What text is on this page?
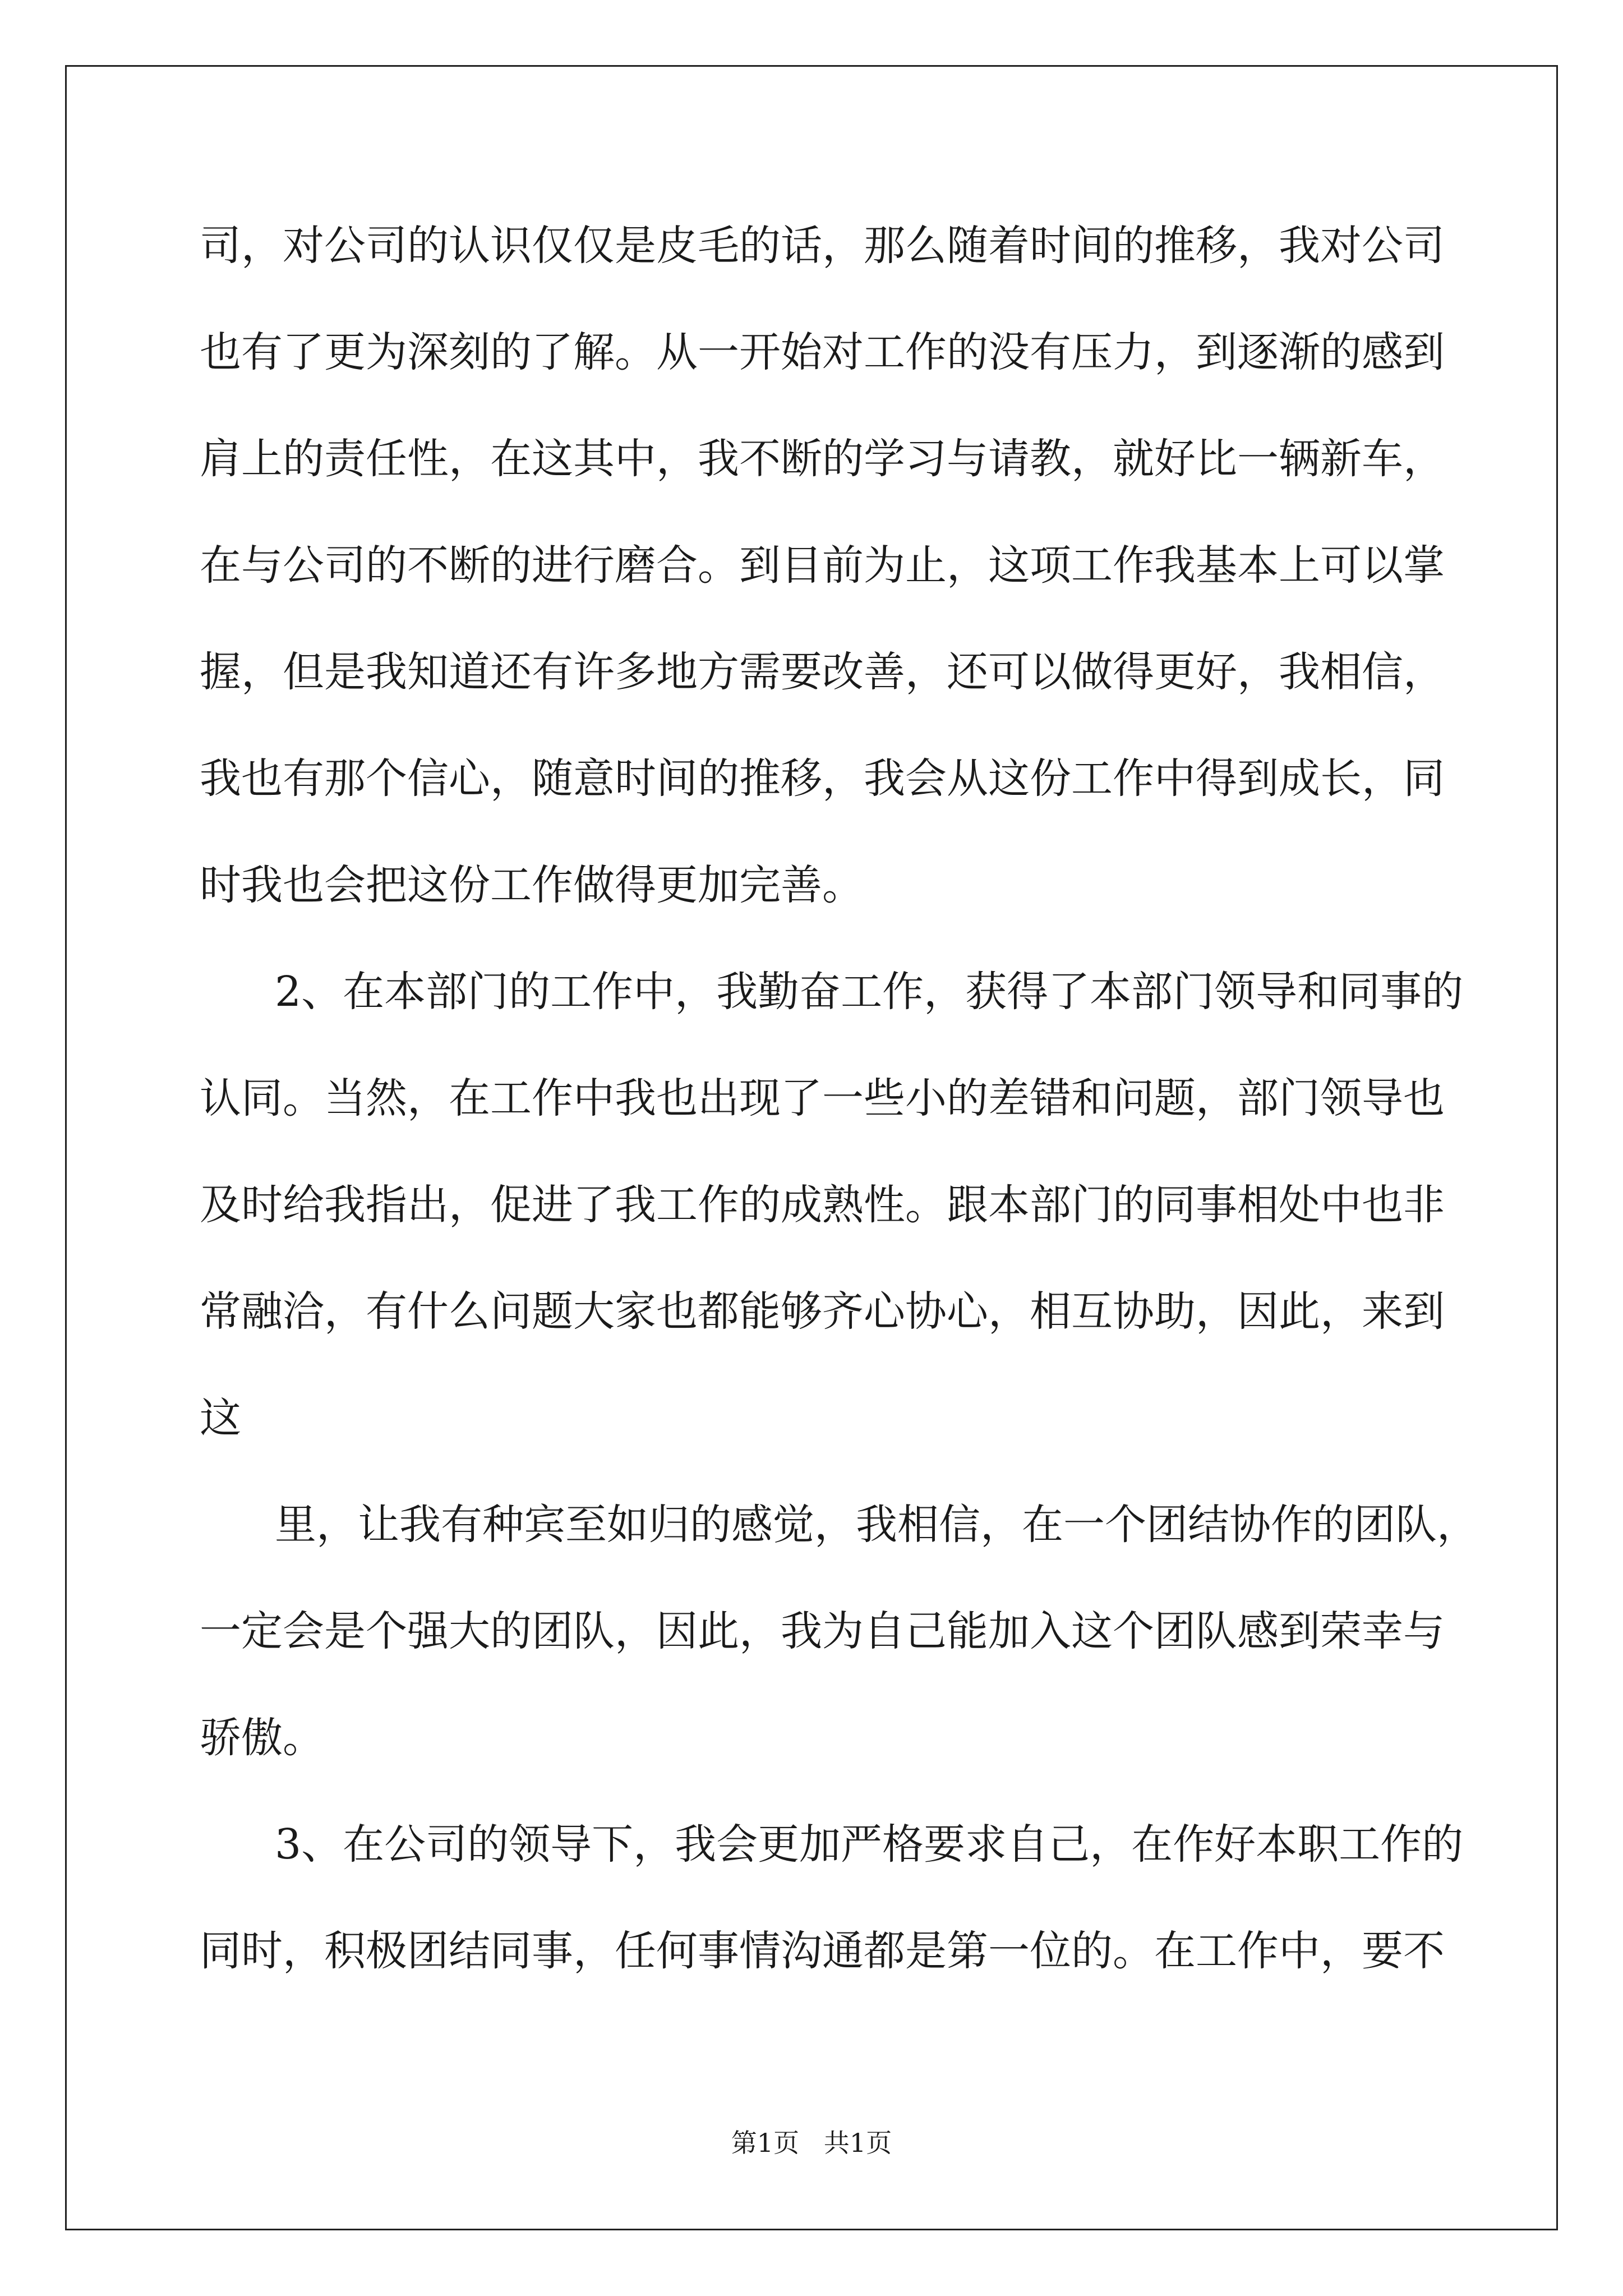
司，对公司的认识仅仅是皮毛的话，那么随着时间的推移，我对公司
也有了更为深刻的了解。从一开始对工作的没有压力，到逐渐的感到
肩上的责任性，在这其中，我不断的学习与请教，就好比一辆新车，
在与公司的不断的进行磨合。到目前为止，这项工作我基本上可以掌
握，但是我知道还有许多地方需要改善，还可以做得更好，我相信，
我也有那个信心，随意时间的推移，我会从这份工作中得到成长，同
时我也会把这份工作做得更加完善。
2、在本部门的工作中，我勤奋工作，获得了本部门领导和同事的
认同。当然，在工作中我也出现了一些小的差错和问题，部门领导也
及时给我指出，促进了我工作的成熟性。跟本部门的同事相处中也非
常融洽，有什么问题大家也都能够齐心协心，相互协助，因此，来到
这
里，让我有种宾至如归的感觉，我相信，在一个团结协作的团队，
一定会是个强大的团队，因此，我为自己能加入这个团队感到荣幸与
骄傲。
3、在公司的领导下，我会更加严格要求自己，在作好本职工作的
同时，积极团结同事，任何事情沟通都是第一位的。在工作中，要不
第1页   共1页
